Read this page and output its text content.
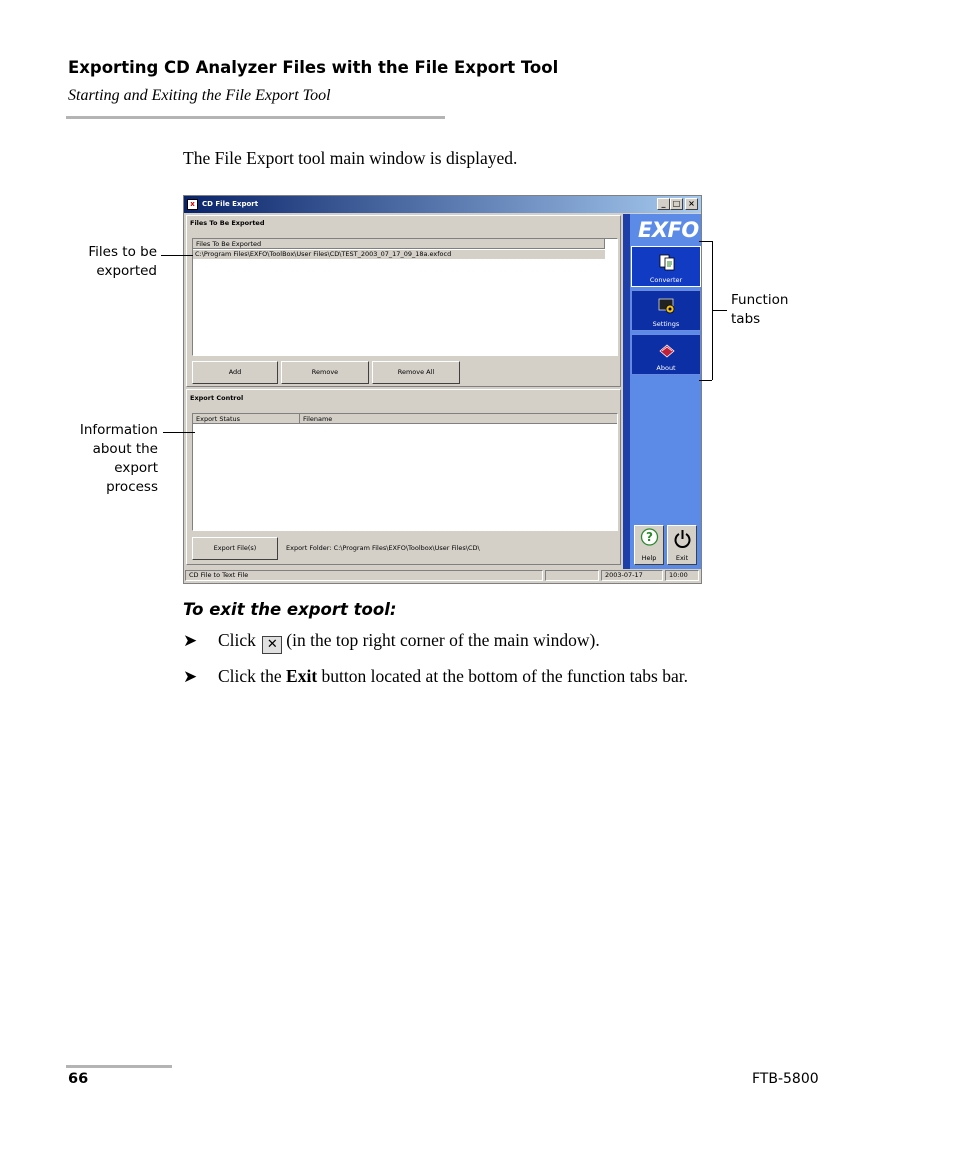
Exporting CD Analyzer Files with the File Export Tool
Starting and Exiting the File Export Tool
The File Export tool main window is displayed.
x	CD File Export	_ □ ×
Files To Be Exported
Files To Be Exported
C:\Program Files\EXFO\ToolBox\User Files\CD\TEST_2003_07_17_09_18a.exfocd
Add	Remove	Remove All
Export Control
Export Status	Filename
Export File(s)	Export Folder: C:\Program Files\EXFO\Toolbox\User Files\CD\
EXFO
Converter
Settings
About
?
Help	Exit
CD File to Text File	2003-07-17	10:00
Files to be
exported
Information
about the
export
process
Function
tabs
To exit the export tool:
➤ Click ✕ (in the top right corner of the main window).
➤ Click the Exit button located at the bottom of the function tabs bar.
66	FTB-5800
